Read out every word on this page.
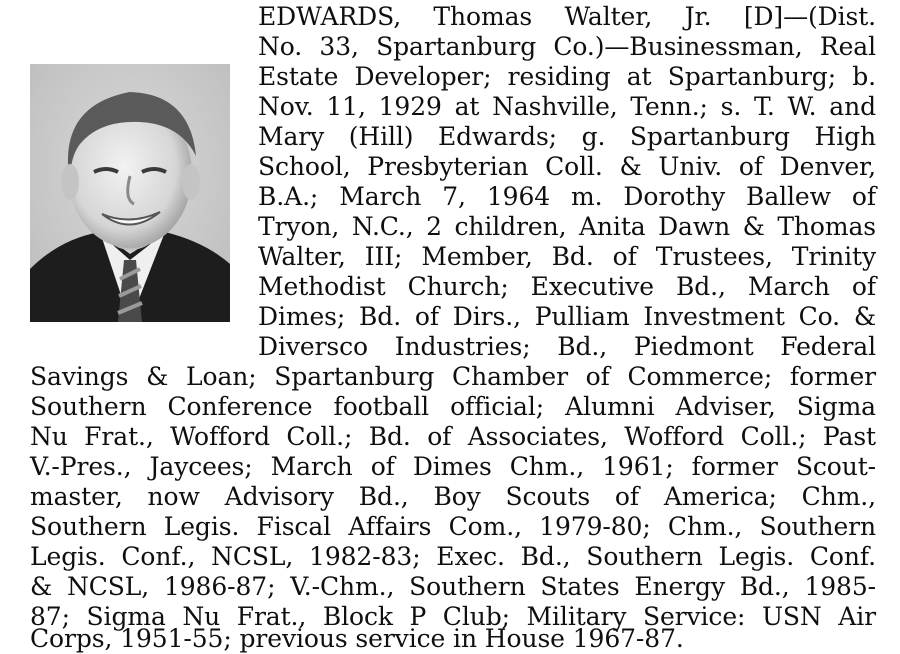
EDWARDS, Thomas Walter, Jr. [D]—(Dist.
No. 33, Spartanburg Co.)—Businessman, Real
Estate Developer; residing at Spartanburg; b.
Nov. 11, 1929 at Nashville, Tenn.; s. T. W. and
Mary (Hill) Edwards; g. Spartanburg High
School, Presbyterian Coll. & Univ. of Denver,
B.A.; March 7, 1964 m. Dorothy Ballew of
Tryon, N.C., 2 children, Anita Dawn & Thomas
Walter, III; Member, Bd. of Trustees, Trinity
Methodist Church; Executive Bd., March of
Dimes; Bd. of Dirs., Pulliam Investment Co. &
Diversco Industries; Bd., Piedmont Federal
Savings & Loan; Spartanburg Chamber of Commerce; former
Southern Conference football official; Alumni Adviser, Sigma
Nu Frat., Wofford Coll.; Bd. of Associates, Wofford Coll.; Past
V.-Pres., Jaycees; March of Dimes Chm., 1961; former Scout-
master, now Advisory Bd., Boy Scouts of America; Chm.,
Southern Legis. Fiscal Affairs Com., 1979-80; Chm., Southern
Legis. Conf., NCSL, 1982-83; Exec. Bd., Southern Legis. Conf.
& NCSL, 1986-87; V.-Chm., Southern States Energy Bd., 1985-
87; Sigma Nu Frat., Block P Club; Military Service: USN Air
Corps, 1951-55; previous service in House 1967-87.
